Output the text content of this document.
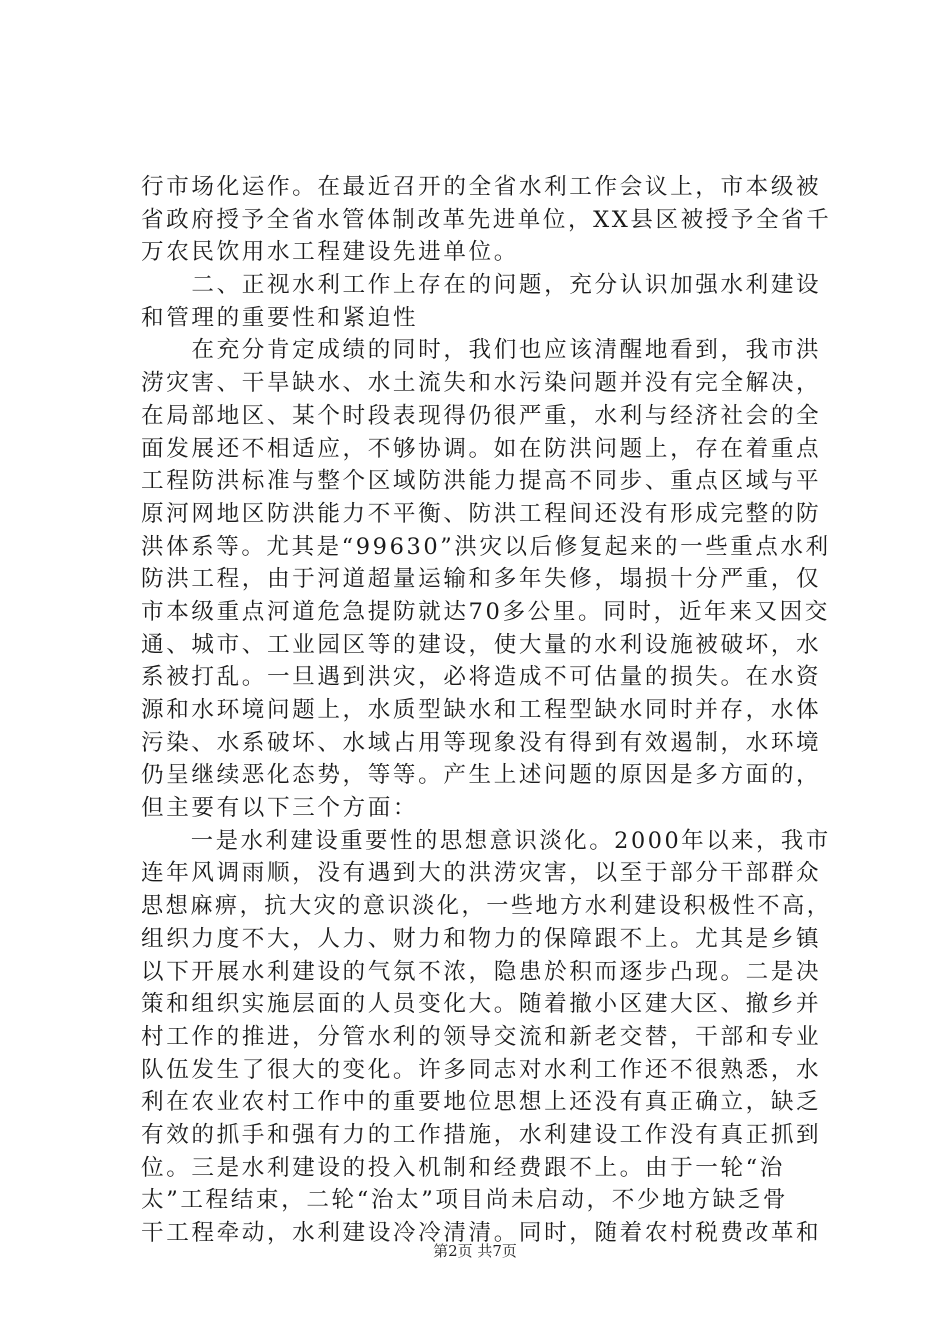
行市场化运作。在最近召开的全省水利工作会议上，市本级被
省政府授予全省水管体制改革先进单位，XX县区被授予全省千
万农民饮用水工程建设先进单位。
　　二、正视水利工作上存在的问题，充分认识加强水利建设
和管理的重要性和紧迫性
　　在充分肯定成绩的同时，我们也应该清醒地看到，我市洪
涝灾害、干旱缺水、水土流失和水污染问题并没有完全解决，
在局部地区、某个时段表现得仍很严重，水利与经济社会的全
面发展还不相适应，不够协调。如在防洪问题上，存在着重点
工程防洪标准与整个区域防洪能力提高不同步、重点区域与平
原河网地区防洪能力不平衡、防洪工程间还没有形成完整的防
洪体系等。尤其是“99630”洪灾以后修复起来的一些重点水利
防洪工程，由于河道超量运输和多年失修，塌损十分严重，仅
市本级重点河道危急提防就达70多公里。同时，近年来又因交
通、城市、工业园区等的建设，使大量的水利设施被破坏，水
系被打乱。一旦遇到洪灾，必将造成不可估量的损失。在水资
源和水环境问题上，水质型缺水和工程型缺水同时并存，水体
污染、水系破坏、水域占用等现象没有得到有效遏制，水环境
仍呈继续恶化态势，等等。产生上述问题的原因是多方面的，
但主要有以下三个方面：
　　一是水利建设重要性的思想意识淡化。2000年以来，我市
连年风调雨顺，没有遇到大的洪涝灾害，以至于部分干部群众
思想麻痹，抗大灾的意识淡化，一些地方水利建设积极性不高，
组织力度不大，人力、财力和物力的保障跟不上。尤其是乡镇
以下开展水利建设的气氛不浓，隐患於积而逐步凸现。二是决
策和组织实施层面的人员变化大。随着撤小区建大区、撤乡并
村工作的推进，分管水利的领导交流和新老交替，干部和专业
队伍发生了很大的变化。许多同志对水利工作还不很熟悉，水
利在农业农村工作中的重要地位思想上还没有真正确立，缺乏
有效的抓手和强有力的工作措施，水利建设工作没有真正抓到
位。三是水利建设的投入机制和经费跟不上。由于一轮“治
太”工程结束，二轮“治太”项目尚未启动，不少地方缺乏骨
干工程牵动，水利建设冷冷清清。同时，随着农村税费改革和
第2页 共7页
